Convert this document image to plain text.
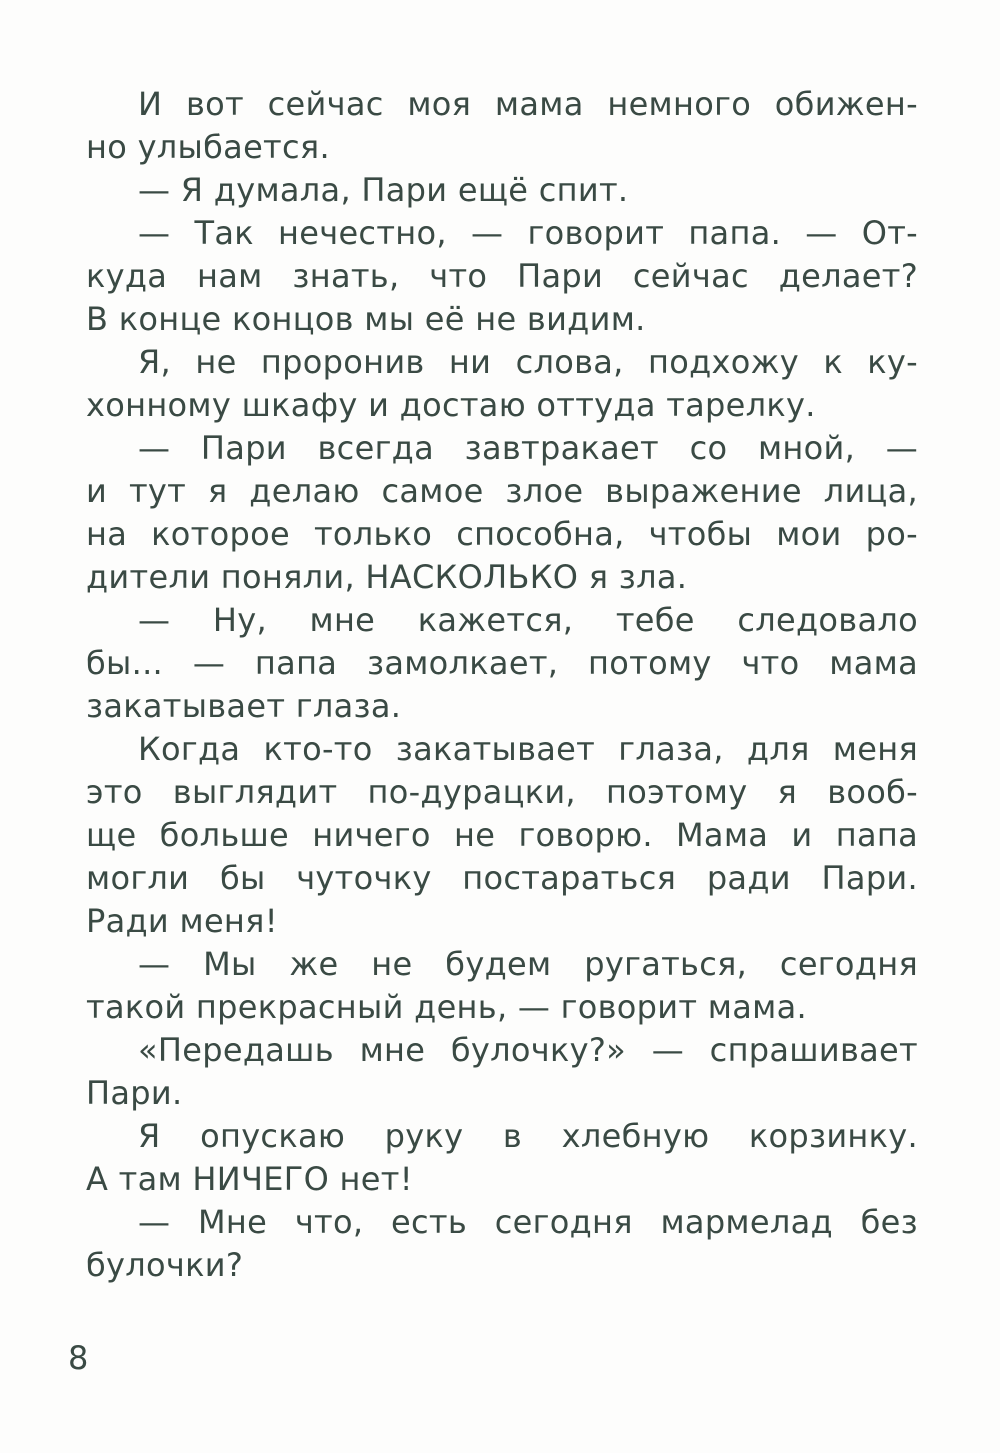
И вот сейчас моя мама немного обижен-
но улыбается.
— Я думала, Пари ещё спит.
— Так нечестно, — говорит папа. — От-
куда нам знать, что Пари сейчас делает?
В конце концов мы её не видим.
Я, не проронив ни слова, подхожу к ку-
хонному шкафу и достаю оттуда тарелку.
— Пари всегда завтракает со мной, —
и тут я делаю самое злое выражение лица,
на которое только способна, чтобы мои ро-
дители поняли, НАСКОЛЬКО я зла.
— Ну, мне кажется, тебе следовало
бы... — папа замолкает, потому что мама
закатывает глаза.
Когда кто-то закатывает глаза, для меня
это выглядит по-дурацки, поэтому я вооб-
ще больше ничего не говорю. Мама и папа
могли бы чуточку постараться ради Пари.
Ради меня!
— Мы же не будем ругаться, сегодня
такой прекрасный день, — говорит мама.
«Передашь мне булочку?» — спрашивает
Пари.
Я опускаю руку в хлебную корзинку.
А там НИЧЕГО нет!
— Мне что, есть сегодня мармелад без
булочки?
8
